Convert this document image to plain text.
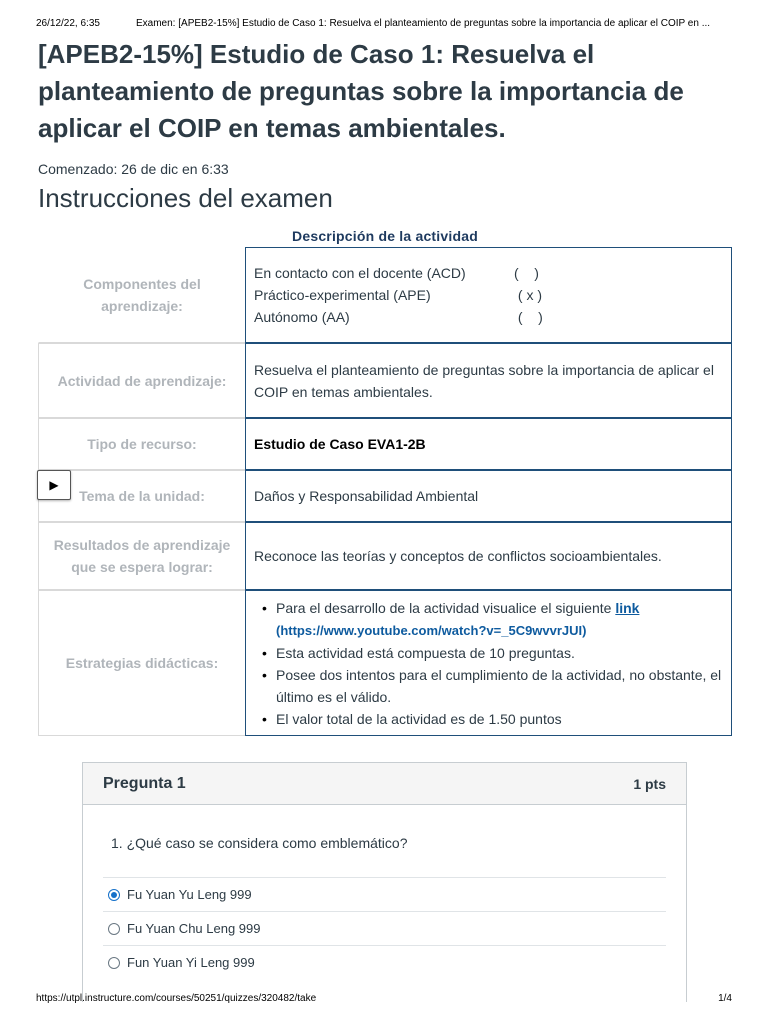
26/12/22, 6:35	Examen: [APEB2-15%] Estudio de Caso 1: Resuelva el planteamiento de preguntas sobre la importancia de aplicar el COIP en ...
[APEB2-15%] Estudio de Caso 1: Resuelva el planteamiento de preguntas sobre la importancia de aplicar el COIP en temas ambientales.
Comenzado: 26 de dic en 6:33
Instrucciones del examen
Descripción de la actividad
Componentes del aprendizaje:
En contacto con el docente (ACD)	(    )
Práctico-experimental (APE)	( x )
Autónomo (AA)	(    )
Actividad de aprendizaje:
Resuelva el planteamiento de preguntas sobre la importancia de aplicar el COIP en temas ambientales.
Tipo de recurso:	Estudio de Caso EVA1-2B
Tema de la unidad:	Daños y Responsabilidad Ambiental
Resultados de aprendizaje que se espera lograr:
Reconoce las teorías y conceptos de conflictos socioambientales.
Estrategias didácticas:
• Para el desarrollo de la actividad visualice el siguiente link
(https://www.youtube.com/watch?v=_5C9wvvrJUI)
• Esta actividad está compuesta de 10 preguntas.
• Posee dos intentos para el cumplimiento de la actividad, no obstante, el último es el válido.
• El valor total de la actividad es de 1.50 puntos
▶
Pregunta 1	1 pts
1. ¿Qué caso se considera como emblemático?
Fu Yuan Yu Leng 999
Fu Yuan Chu Leng 999
Fun Yuan Yi Leng 999
https://utpl.instructure.com/courses/50251/quizzes/320482/take	1/4
